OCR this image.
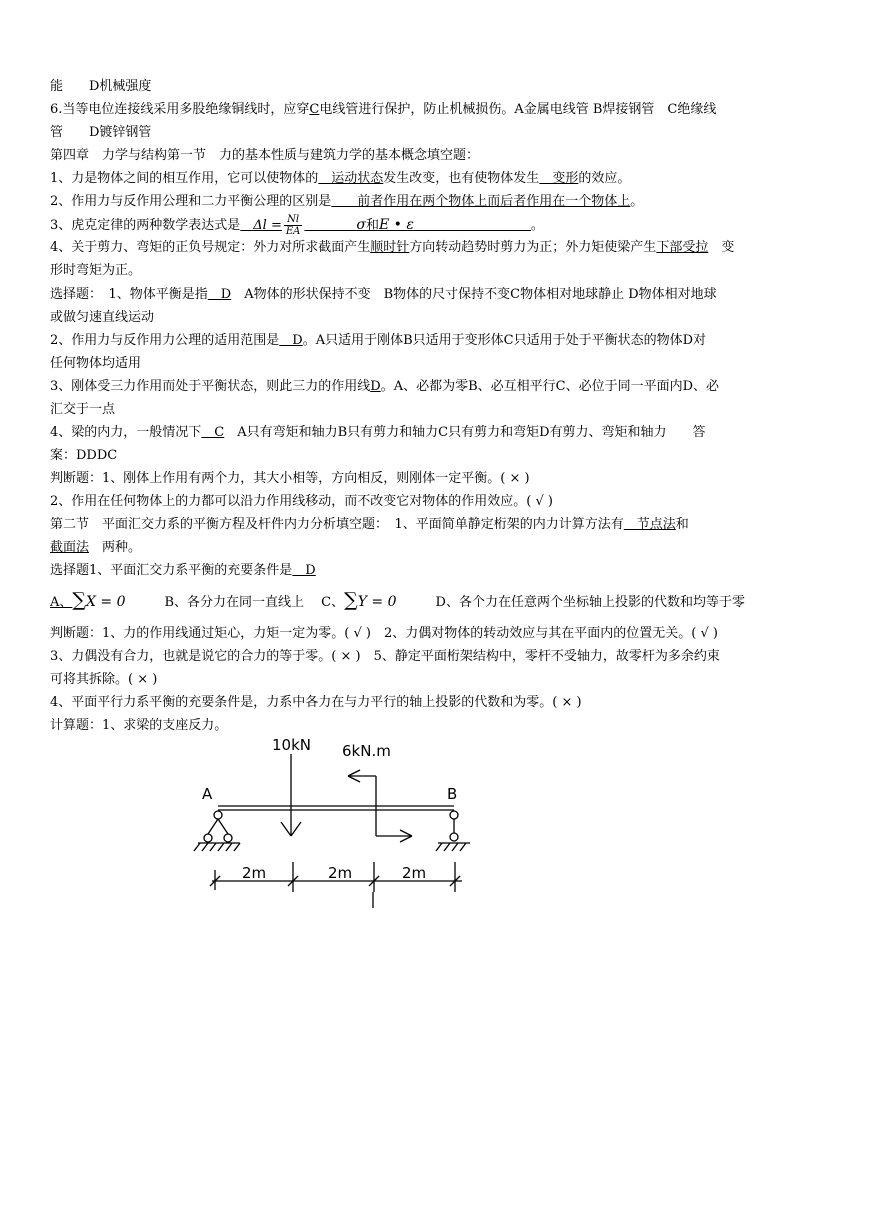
能　　D机械强度
6.当等电位连接线采用多股绝缘铜线时，应穿C电线管进行保护，防止机械损伤。A金属电线管 B焊接钢管　C绝缘线
管　　D镀锌钢管
第四章　力学与结构第一节　力的基本性质与建筑力学的基本概念填空题：
1、力是物体之间的相互作用，它可以使物体的　运动状态发生改变，也有使物体发生　变形的效应。
2、作用力与反作用公理和二力平衡公理的区别是　　前者作用在两个物体上而后者作用在一个物体上。
3、虎克定律的两种数学表达式是　 $\Delta l = \frac{Nl}{EA}$
　　　　	σ和E • ε　　　　　　　　　	。
4、关于剪力、弯矩的正负号规定：外力对所求截面产生顺时针方向转动趋势时剪力为正；外力矩使梁产生下部受拉　变
形时弯矩为正。
选择题：　1、物体平衡是指　D　A物体的形状保持不变　B物体的尺寸保持不变C物体相对地球静止 D物体相对地球
或做匀速直线运动
2、作用力与反作用力公理的适用范围是　D。A只适用于刚体B只适用于变形体C只适用于处于平衡状态的物体D对
任何物体均适用
3、刚体受三力作用而处于平衡状态，则此三力的作用线D。A、必都为零B、必互相平行C、必位于同一平面内D、必
汇交于一点
4、梁的内力，一般情况下　C　A只有弯矩和轴力B只有剪力和轴力C只有剪力和弯矩D有剪力、弯矩和轴力　　答
案：DDDC
判断题：1、刚体上作用有两个力，其大小相等，方向相反，则刚体一定平衡。( × )
2、作用在任何物体上的力都可以沿力作用线移动，而不改变它对物体的作用效应。( √ )
第二节　平面汇交力系的平衡方程及杆件内力分析填空题：　1、平面简单静定桁架的内力计算方法有　节点法和
截面法　两种。
选择题1、平面汇交力系平衡的充要条件是　D
A、∑X = 0　　　	B、各分力在同一直线上　 C、∑Y = 0　　　	D、各个力在任意两个坐标轴上投影的代数和均等于零
判断题：1、力的作用线通过矩心，力矩一定为零。( √ )　2、力偶对物体的转动效应与其在平面内的位置无关。( √ )
3、力偶没有合力，也就是说它的合力的等于零。( × )　5、静定平面桁架结构中，零杆不受轴力，故零杆为多余约束
可将其拆除。( × )
4、平面平行力系平衡的充要条件是，力系中各力在与力平行的轴上投影的代数和为零。( × )
计算题：1、求梁的支座反力。
10kN 6kN.m
A	B
2m	2m	2m
